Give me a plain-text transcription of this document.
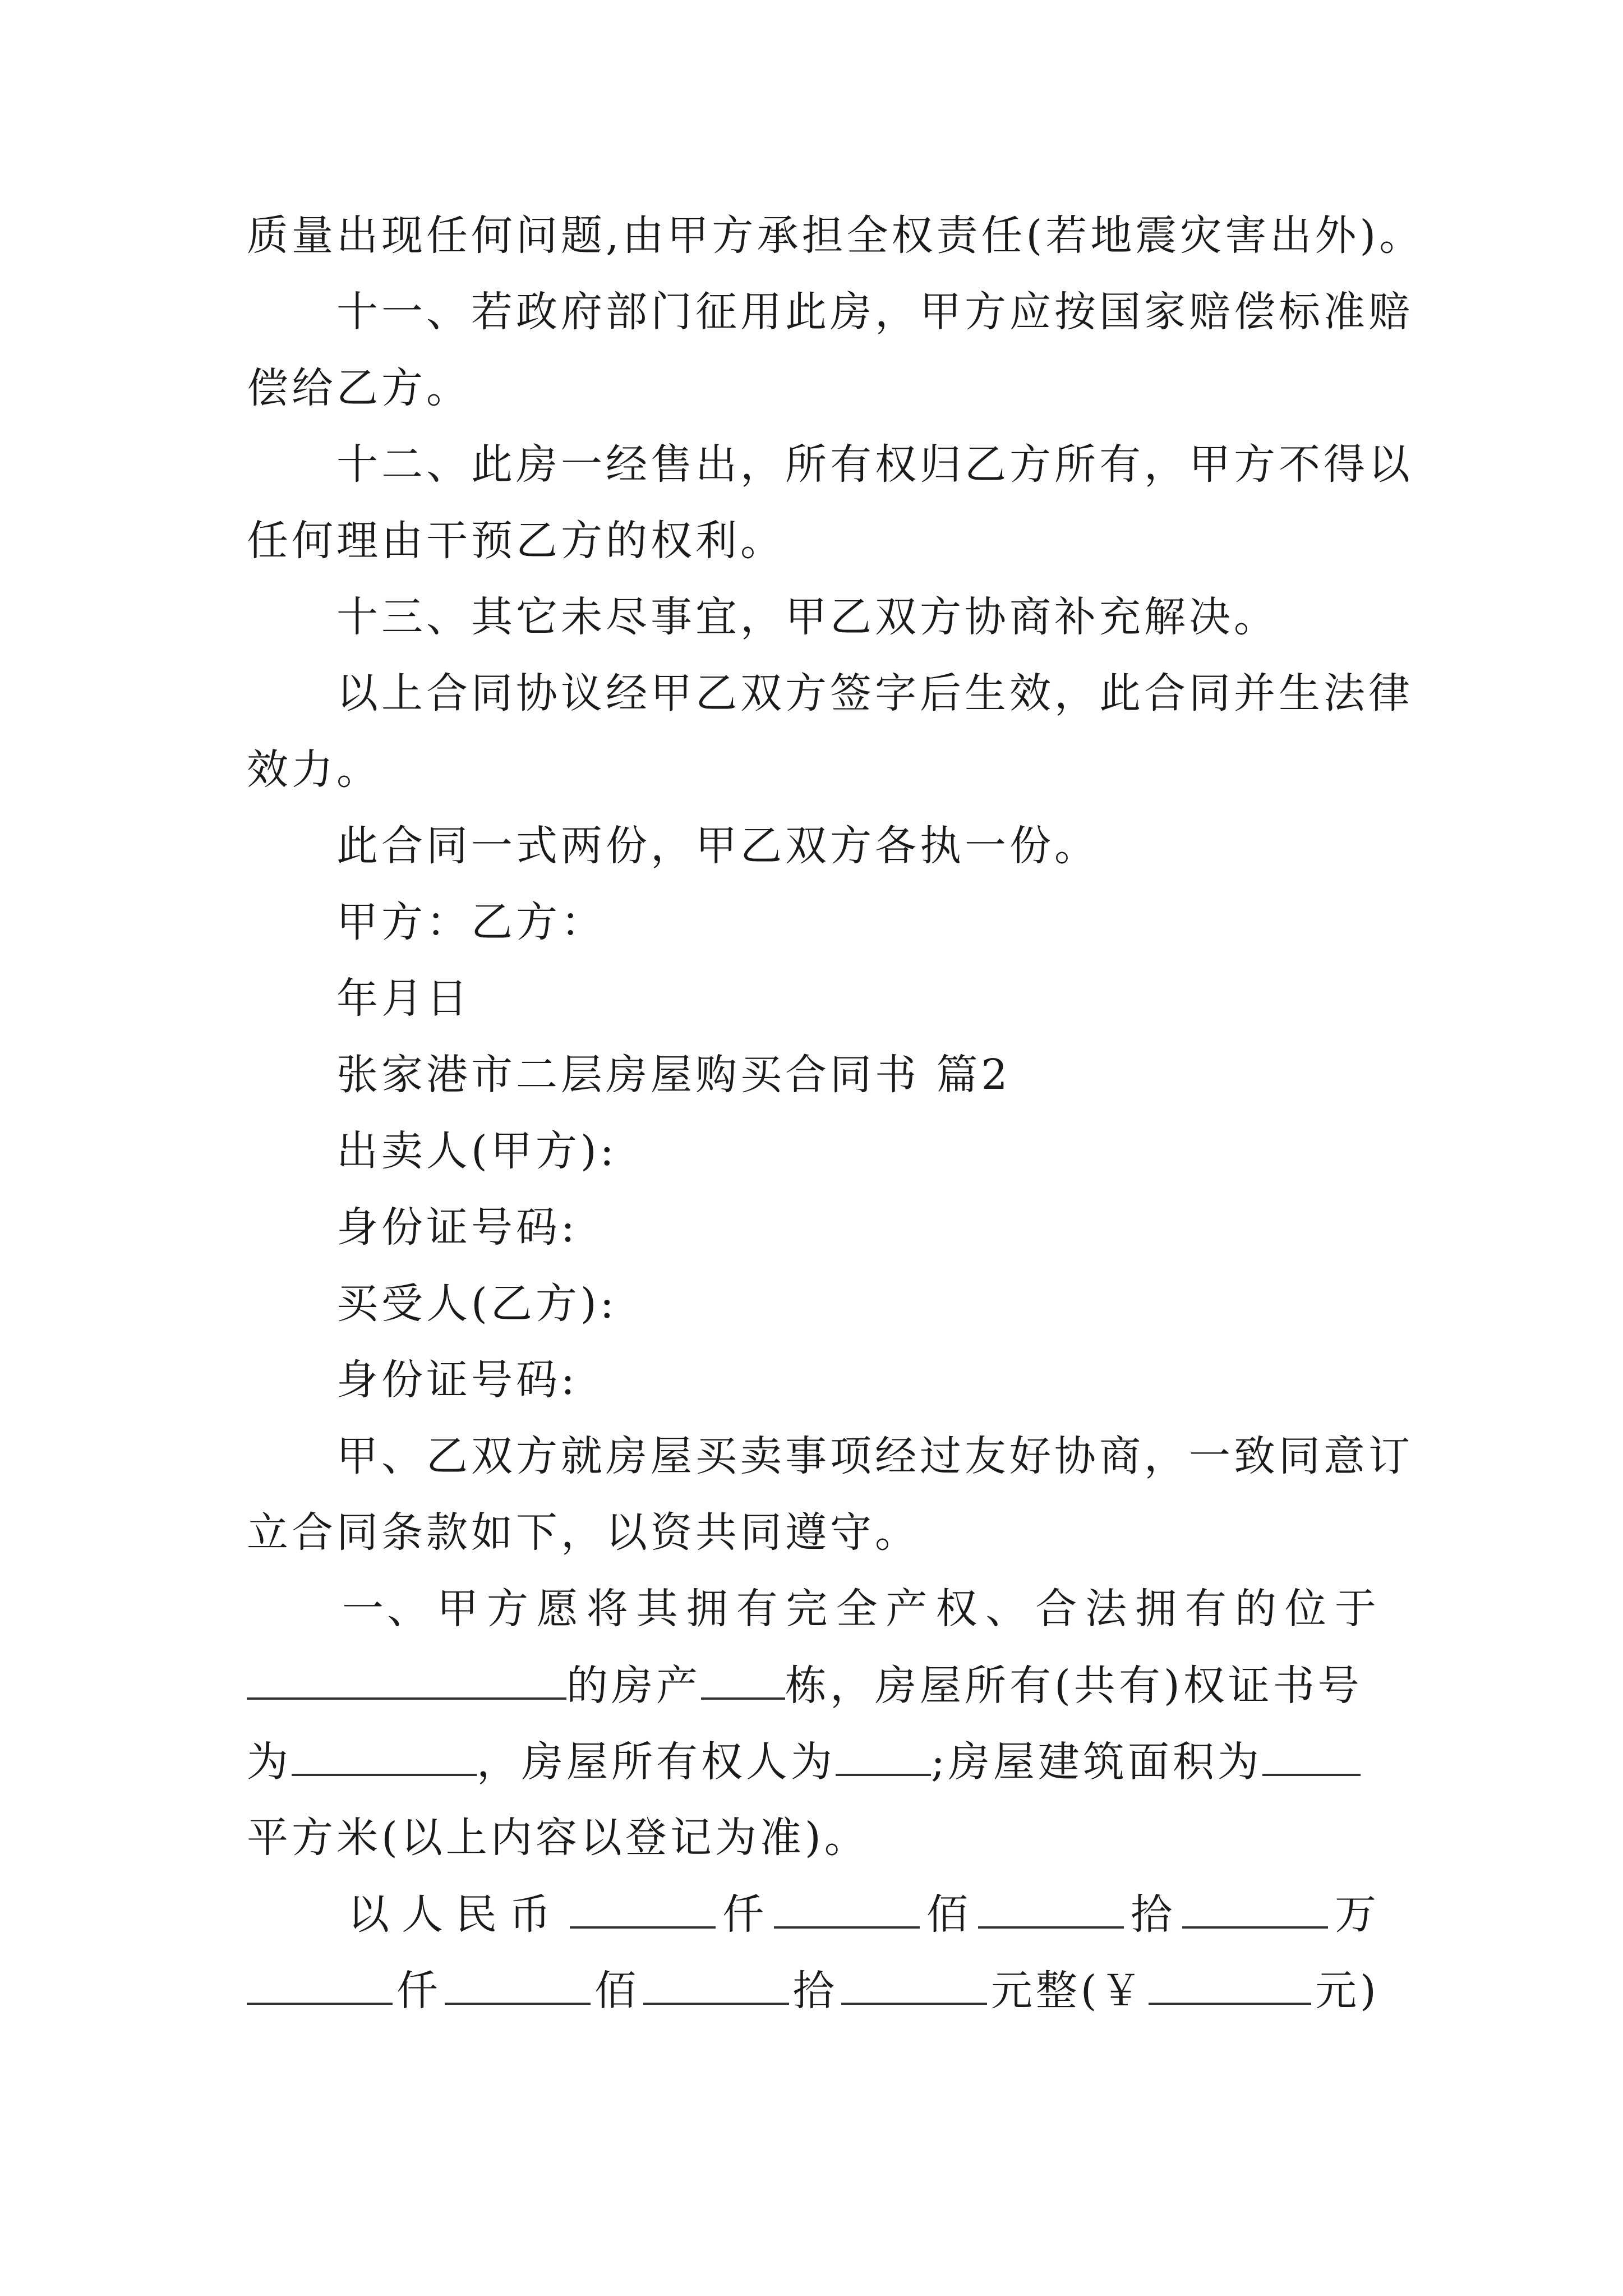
质量出现任何问题,由甲方承担全权责任(若地震灾害出外)。
十一、若政府部门征用此房，甲方应按国家赔偿标准赔
偿给乙方。
十二、此房一经售出，所有权归乙方所有，甲方不得以
任何理由干预乙方的权利。
十三、其它未尽事宜，甲乙双方协商补充解决。
以上合同协议经甲乙双方签字后生效，此合同并生法律
效力。
此合同一式两份，甲乙双方各执一份。
甲方：乙方：
年月日
张家港市二层房屋购买合同书 篇2
出卖人(甲方):
身份证号码:
买受人(乙方):
身份证号码:
甲、乙双方就房屋买卖事项经过友好协商，一致同意订
立合同条款如下，以资共同遵守。
一、 甲 方 愿 将 其 拥 有 完 全 产 权 、 合 法 拥 有 的 位 于
的房产 栋，房屋所有(共有)权证书号
为	，房屋所有权人为 ;房屋建筑面积为
平方米(以上内容以登记为准)。
以人民币	仟	佰	拾	万
仟	佰	拾	元整(￥	元)
